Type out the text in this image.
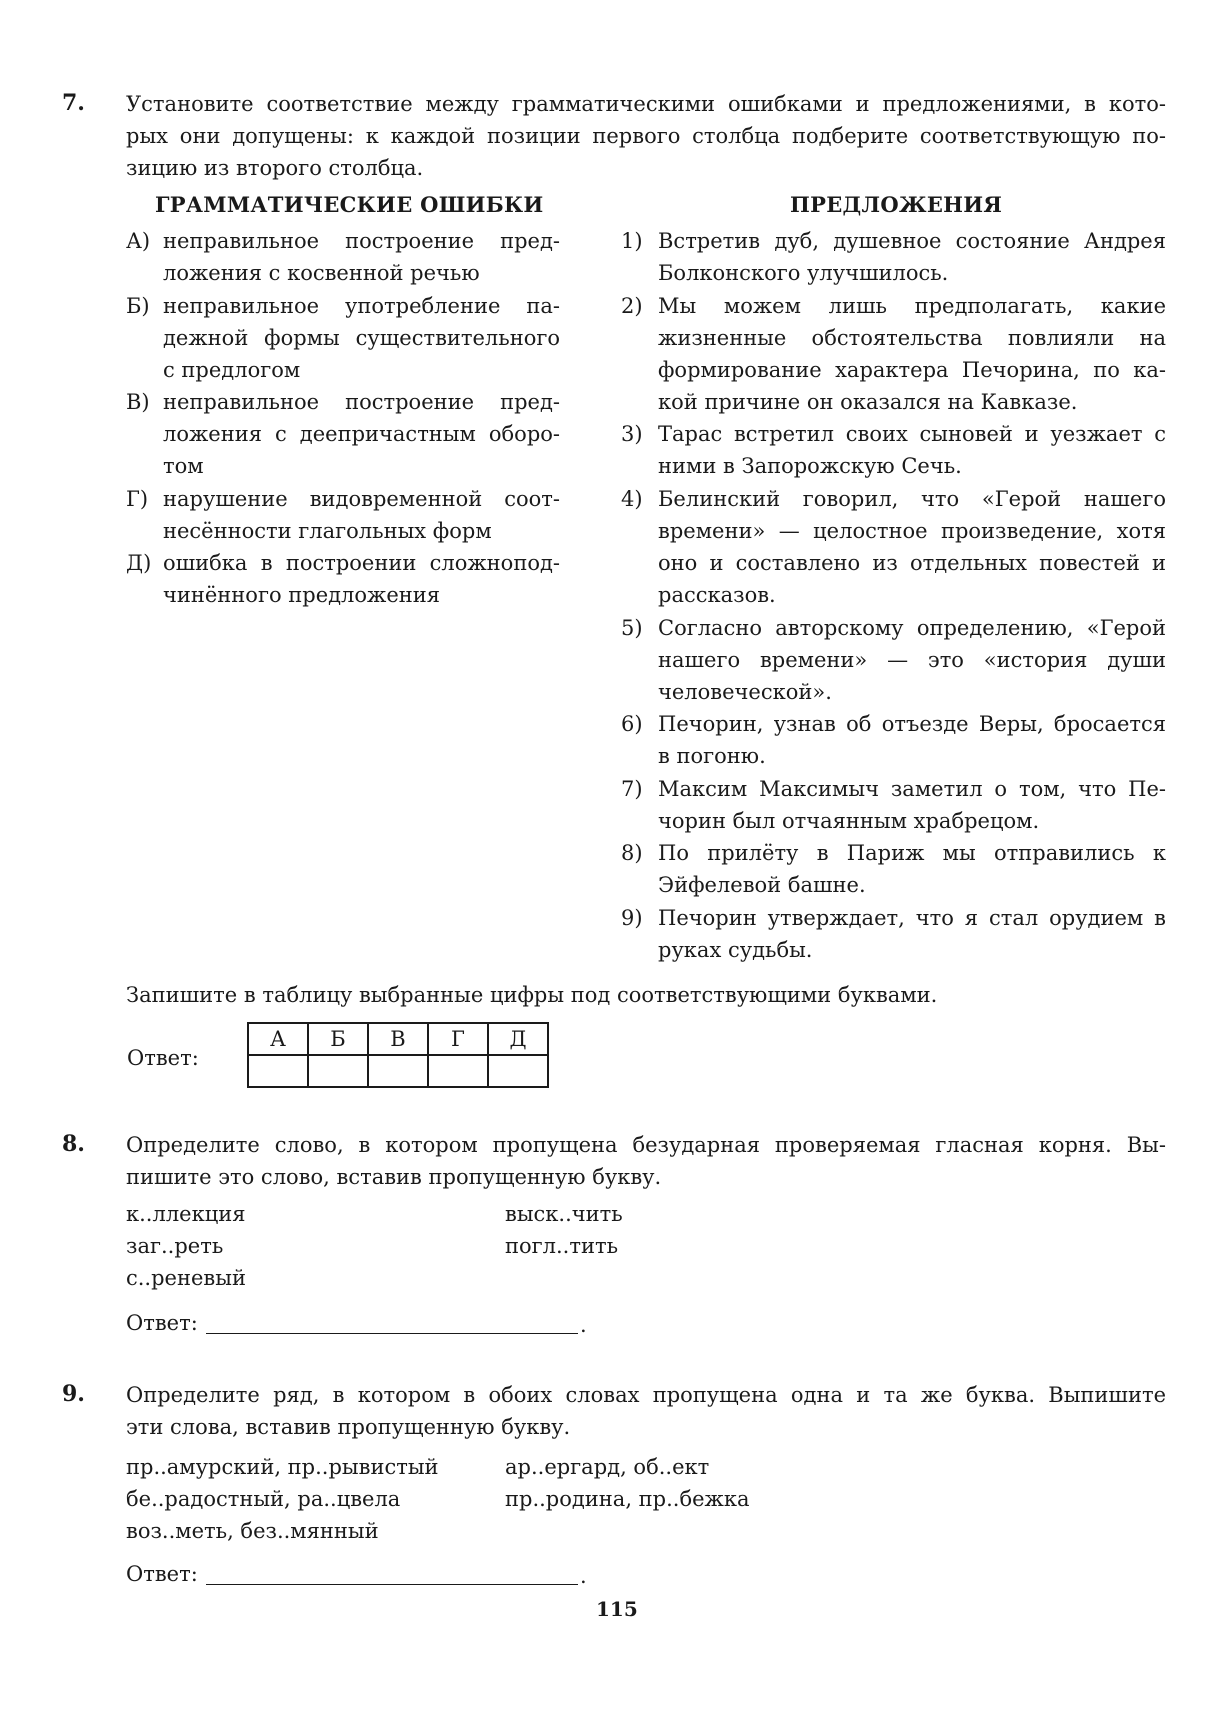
7. Установите соответствие между грамматическими ошибками и предложениями, в кото-
рых они допущены: к каждой позиции первого столбца подберите соответствующую по-
зицию из второго столбца.
ГРАММАТИЧЕСКИЕ ОШИБКИ	ПРЕДЛОЖЕНИЯ
А) неправильное построение пред-
ложения с косвенной речью
Б) неправильное употребление па-
дежной формы существительного
с предлогом
В) неправильное построение пред-
ложения с деепричастным оборо-
том
Г) нарушение видовременной соот-
несённости глагольных форм
Д) ошибка в построении сложнопод-
чинённого предложения
1) Встретив дуб, душевное состояние Андрея
Болконского улучшилось.
2) Мы можем лишь предполагать, какие
жизненные обстоятельства повлияли на
формирование характера Печорина, по ка-
кой причине он оказался на Кавказе.
3) Тарас встретил своих сыновей и уезжает с
ними в Запорожскую Сечь.
4) Белинский говорил, что «Герой нашего
времени» — целостное произведение, хотя
оно и составлено из отдельных повестей и
рассказов.
5) Согласно авторскому определению, «Герой
нашего времени» — это «история души
человеческой».
6) Печорин, узнав об отъезде Веры, бросается
в погоню.
7) Максим Максимыч заметил о том, что Пе-
чорин был отчаянным храбрецом.
8) По прилёту в Париж мы отправились к
Эйфелевой башне.
9) Печорин утверждает, что я стал орудием в
руках судьбы.
Запишите в таблицу выбранные цифры под соответствующими буквами.
Ответ:
А	Б	В	Г	Д

8. Определите слово, в котором пропущена безударная проверяемая гласная корня. Вы-
пишите это слово, вставив пропущенную букву.
к..ллекция
заг..реть
с..реневый
выск..чить
погл..тить
Ответ:	.
9. Определите ряд, в котором в обоих словах пропущена одна и та же буква. Выпишите
эти слова, вставив пропущенную букву.
пр..амурский, пр..рывистый
бе..радостный, ра..цвела
воз..меть, без..мянный
ар..ергард, об..ект
пр..родина, пр..бежка
Ответ:	.
115
